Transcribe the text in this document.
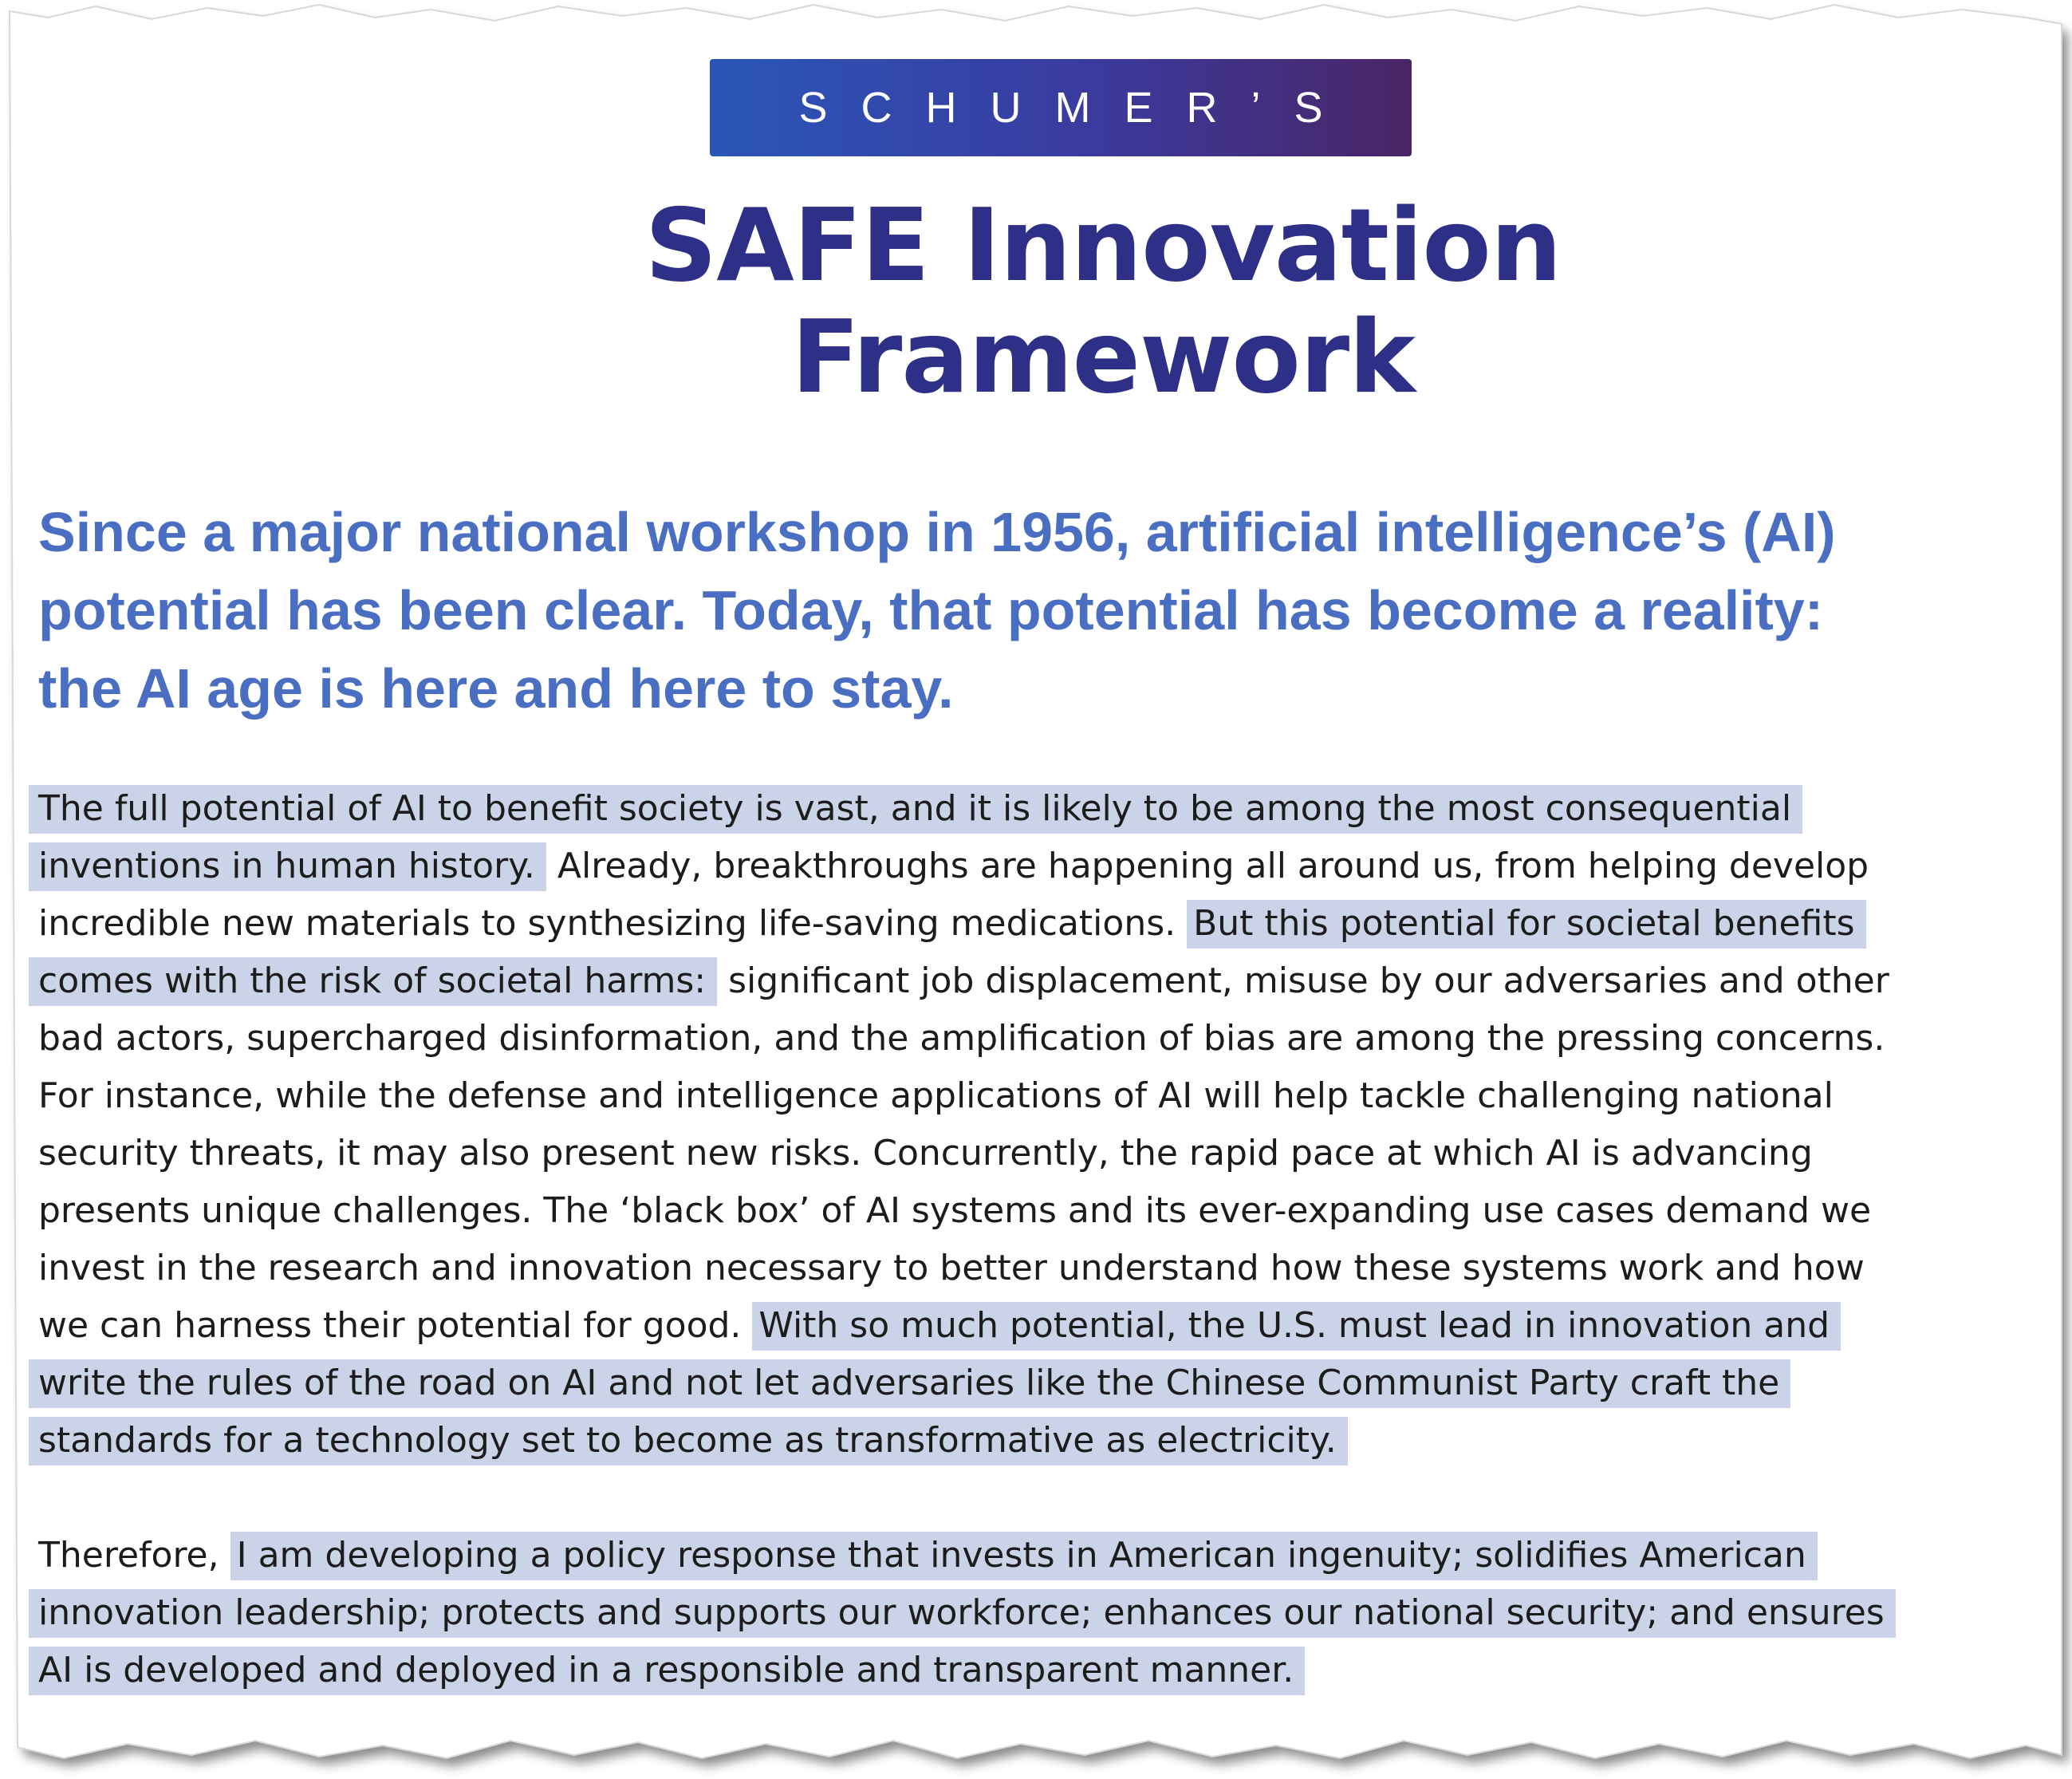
SCHUMER’S
SAFE Innovation
Framework
Since a major national workshop in 1956, artificial intelligence’s (AI)
potential has been clear. Today, that potential has become a reality:
the AI age is here and here to stay.
The full potential of AI to benefit society is vast, and it is likely to be among the most consequential
inventions in human history. Already, breakthroughs are happening all around us, from helping develop
incredible new materials to synthesizing life-saving medications. But this potential for societal benefits
comes with the risk of societal harms: significant job displacement, misuse by our adversaries and other
bad actors, supercharged disinformation, and the amplification of bias are among the pressing concerns.
For instance, while the defense and intelligence applications of AI will help tackle challenging national
security threats, it may also present new risks. Concurrently, the rapid pace at which AI is advancing
presents unique challenges. The ‘black box’ of AI systems and its ever-expanding use cases demand we
invest in the research and innovation necessary to better understand how these systems work and how
we can harness their potential for good. With so much potential, the U.S. must lead in innovation and
write the rules of the road on AI and not let adversaries like the Chinese Communist Party craft the
standards for a technology set to become as transformative as electricity.
Therefore, I am developing a policy response that invests in American ingenuity; solidifies American
innovation leadership; protects and supports our workforce; enhances our national security; and ensures
AI is developed and deployed in a responsible and transparent manner.
